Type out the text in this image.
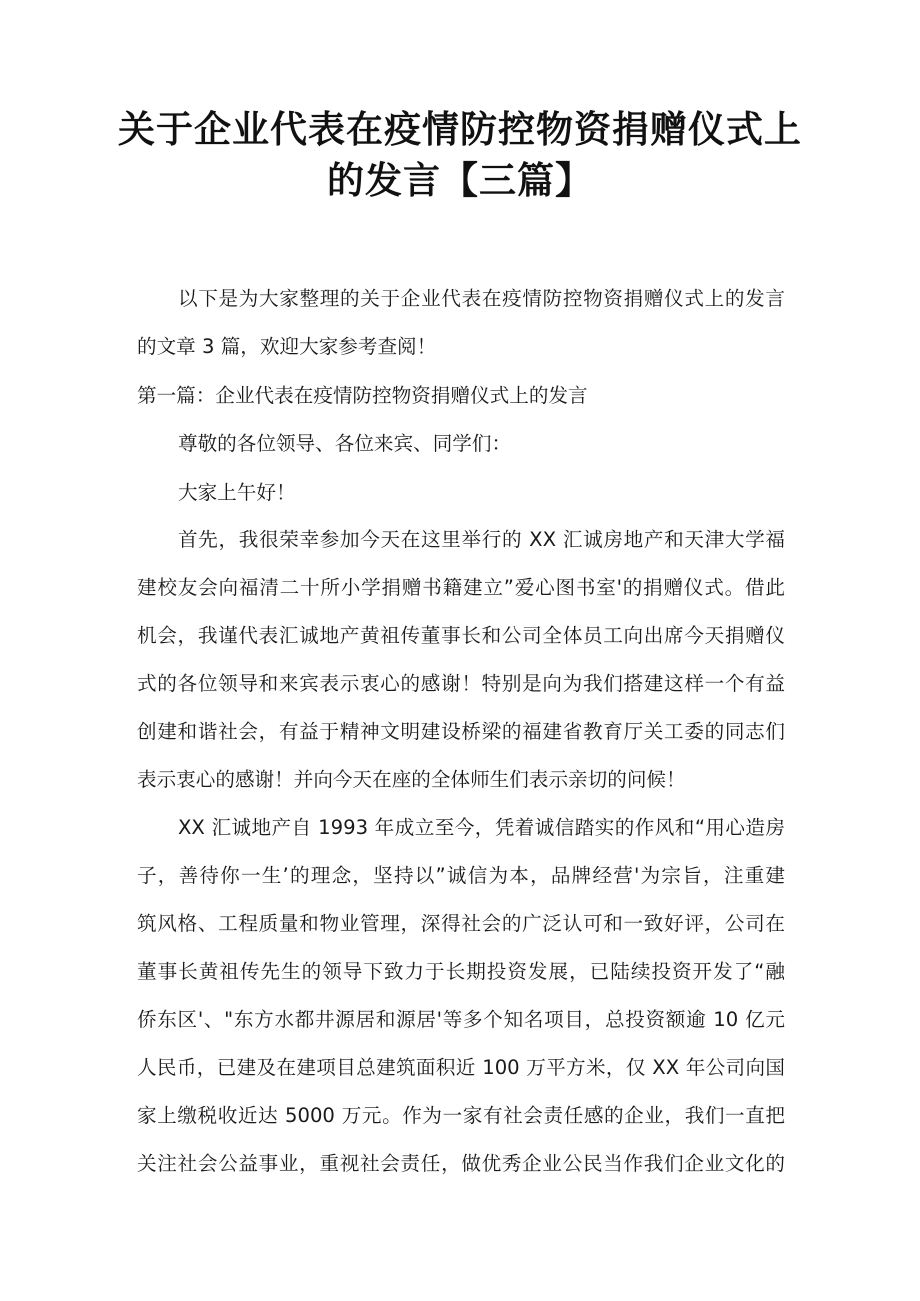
关于企业代表在疫情防控物资捐赠仪式上
的发言【三篇】

以下是为大家整理的关于企业代表在疫情防控物资捐赠仪式上的发言

的文章 3 篇，欢迎大家参考查阅！

第一篇：企业代表在疫情防控物资捐赠仪式上的发言

尊敬的各位领导、各位来宾、同学们：

大家上午好！

首先，我很荣幸参加今天在这里举行的 XX 汇诚房地产和天津大学福

建校友会向福清二十所小学捐赠书籍建立”爱心图书室'的捐赠仪式。借此

机会，我谨代表汇诚地产黄祖传董事长和公司全体员工向出席今天捐赠仪

式的各位领导和来宾表示衷心的感谢！特别是向为我们搭建这样一个有益

创建和谐社会，有益于精神文明建设桥梁的福建省教育厅关工委的同志们

表示衷心的感谢！并向今天在座的全体师生们表示亲切的问候！

XX 汇诚地产自 1993 年成立至今，凭着诚信踏实的作风和“用心造房

子，善待你一生’的理念，坚持以”诚信为本，品牌经营'为宗旨，注重建

筑风格、工程质量和物业管理，深得社会的广泛认可和一致好评，公司在

董事长黄祖传先生的领导下致力于长期投资发展，已陆续投资开发了“融

侨东区'、"东方水都井源居和源居'等多个知名项目，总投资额逾 10 亿元

人民币，已建及在建项目总建筑面积近 100 万平方米，仅 XX 年公司向国

家上缴税收近达 5000 万元。作为一家有社会责任感的企业，我们一直把

关注社会公益事业，重视社会责任，做优秀企业公民当作我们企业文化的
